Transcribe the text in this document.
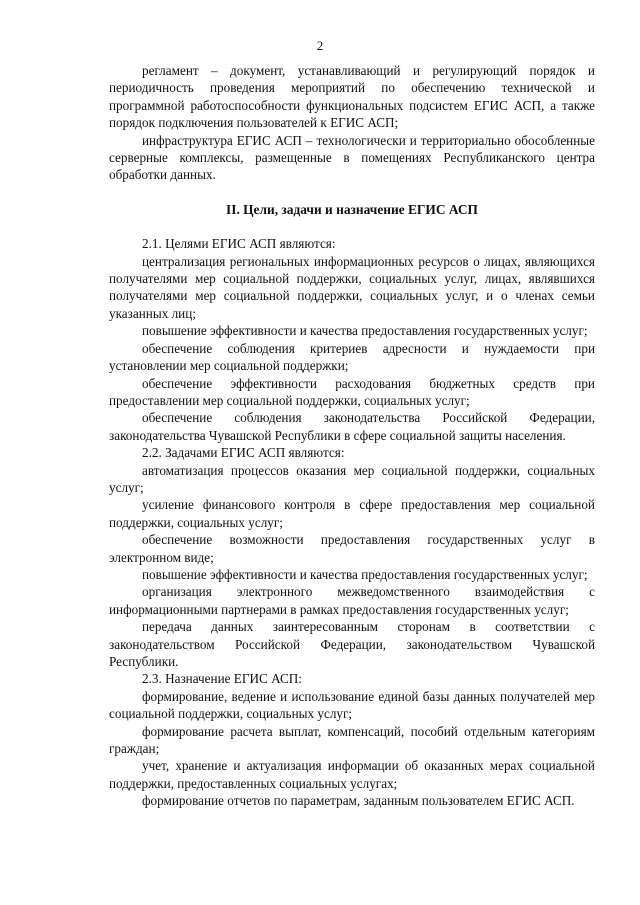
2

регламент – документ, устанавливающий и регулирующий порядок и периодичность проведения мероприятий по обеспечению технической и программной работоспособности функциональных подсистем ЕГИС АСП, а также порядок подключения пользователей к ЕГИС АСП;

инфраструктура ЕГИС АСП – технологически и территориально обособленные серверные комплексы, размещенные в помещениях Республиканского центра обработки данных.

II. Цели, задачи и назначение ЕГИС АСП

2.1. Целями ЕГИС АСП являются:

централизация региональных информационных ресурсов о лицах, являющихся получателями мер социальной поддержки, социальных услуг, лицах, являвшихся получателями мер социальной поддержки, социальных услуг, и о членах семьи указанных лиц;

повышение эффективности и качества предоставления государственных услуг;

обеспечение соблюдения критериев адресности и нуждаемости при установлении мер социальной поддержки;

обеспечение эффективности расходования бюджетных средств при предоставлении мер социальной поддержки, социальных услуг;

обеспечение соблюдения законодательства Российской Федерации, законодательства Чувашской Республики в сфере социальной защиты населения.

2.2. Задачами ЕГИС АСП являются:

автоматизация процессов оказания мер социальной поддержки, социальных услуг;

усиление финансового контроля в сфере предоставления мер социальной поддержки, социальных услуг;

обеспечение возможности предоставления государственных услуг в электронном виде;

повышение эффективности и качества предоставления государственных услуг;

организация электронного межведомственного взаимодействия с информационными партнерами в рамках предоставления государственных услуг;

передача данных заинтересованным сторонам в соответствии с законодательством Российской Федерации, законодательством Чувашской Республики.

2.3. Назначение ЕГИС АСП:

формирование, ведение и использование единой базы данных получателей мер социальной поддержки, социальных услуг;

формирование расчета выплат, компенсаций, пособий отдельным категориям граждан;

учет, хранение и актуализация информации об оказанных мерах социальной поддержки, предоставленных социальных услугах;

формирование отчетов по параметрам, заданным пользователем ЕГИС АСП.
